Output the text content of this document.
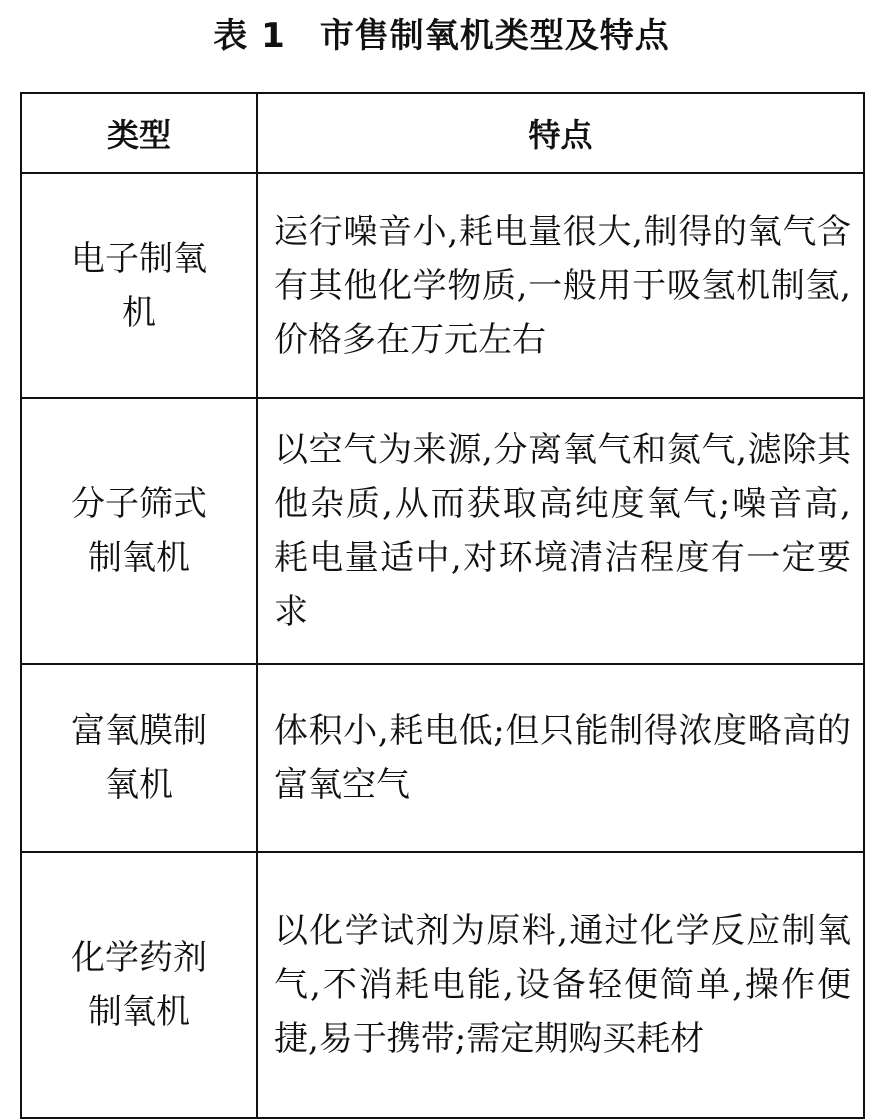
表 1 市售制氧机类型及特点
类型	特点

电子制氧机	运行噪音小,耗电量很大,制得的氧气含有其他化学物质,一般用于吸氢机制氢,价格多在万元左右

分子筛式制氧机	以空气为来源,分离氧气和氮气,滤除其他杂质,从而获取高纯度氧气;噪音高,耗电量适中,对环境清洁程度有一定要求

富氧膜制氧机	体积小,耗电低;但只能制得浓度略高的富氧空气

化学药剂制氧机	以化学试剂为原料,通过化学反应制氧气,不消耗电能,设备轻便简单,操作便捷,易于携带;需定期购买耗材
